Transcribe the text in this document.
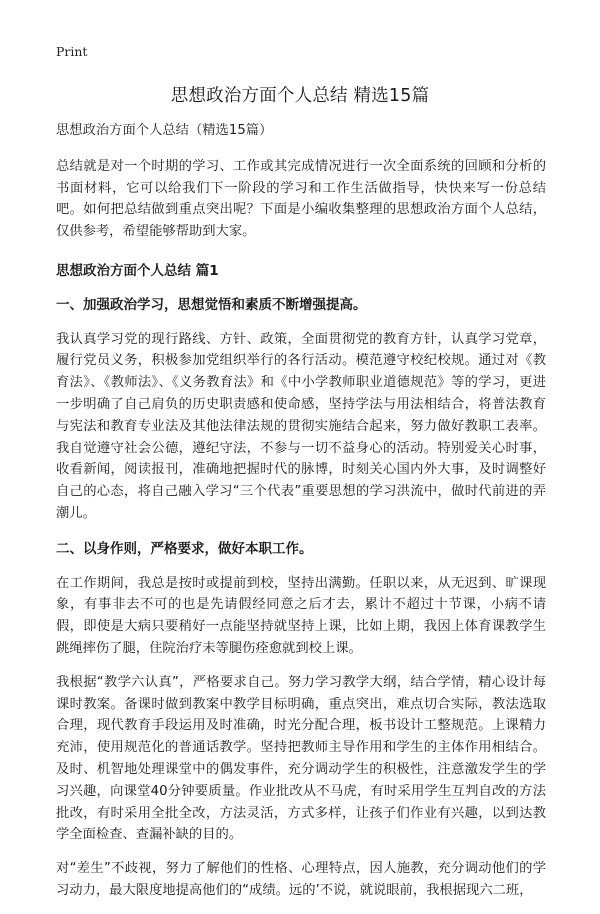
Print
思想政治方面个人总结 精选15篇
思想政治方面个人总结（精选15篇）

总结就是对一个时期的学习、工作或其完成情况进行一次全面系统的回顾和分析的书面材料，它可以给我们下一阶段的学习和工作生活做指导，快快来写一份总结吧。如何把总结做到重点突出呢？下面是小编收集整理的思想政治方面个人总结，仅供参考，希望能够帮助到大家。

思想政治方面个人总结 篇1
一、加强政治学习，思想觉悟和素质不断增强提高。

我认真学习党的现行路线、方针、政策，全面贯彻党的教育方针，认真学习党章，履行党员义务，积极参加党组织举行的各行活动。模范遵守校纪校规。通过对《教育法》、《教师法》、《义务教育法》和《中小学教师职业道德规范》等的学习，更进一步明确了自己肩负的历史职责感和使命感，坚持学法与用法相结合，将普法教育与宪法和教育专业法及其他法律法规的贯彻实施结合起来，努力做好教职工表率。我自觉遵守社会公德，遵纪守法，不参与一切不益身心的活动。特别爱关心时事，收看新闻，阅读报刊，准确地把握时代的脉博，时刻关心国内外大事，及时调整好自己的心态，将自己融入学习“三个代表”重要思想的学习洪流中，做时代前进的弄潮儿。

二、以身作则，严格要求，做好本职工作。

在工作期间，我总是按时或提前到校，坚持出满勤。任职以来，从无迟到、旷课现象，有事非去不可的也是先请假经同意之后才去，累计不超过十节课，小病不请假，即使是大病只要稍好一点能坚持就坚持上课，比如上期，我因上体育课教学生跳绳摔伤了腿，住院治疗未等腿伤痊愈就到校上课。

我根据“教学六认真”，严格要求自己。努力学习教学大纲，结合学情，精心设计每课时教案。备课时做到教案中教学目标明确，重点突出，难点切合实际，教法选取合理，现代教育手段运用及时准确，时光分配合理，板书设计工整规范。上课精力充沛，使用规范化的普通话教学。坚持把教师主导作用和学生的主体作用相结合。及时、机智地处理课堂中的偶发事件，充分调动学生的积极性，注意激发学生的学习兴趣，向课堂40分钟要质量。作业批改从不马虎，有时采用学生互判自改的方法批改，有时采用全批全改，方法灵活，方式多样，让孩子们作业有兴趣，以到达教学全面检查、查漏补缺的目的。

对“差生”不歧视，努力了解他们的性格、心理特点，因人施教，充分调动他们的学习动力，最大限度地提高他们的“成绩。远的’不说，就说眼前，我根据现六二班，
